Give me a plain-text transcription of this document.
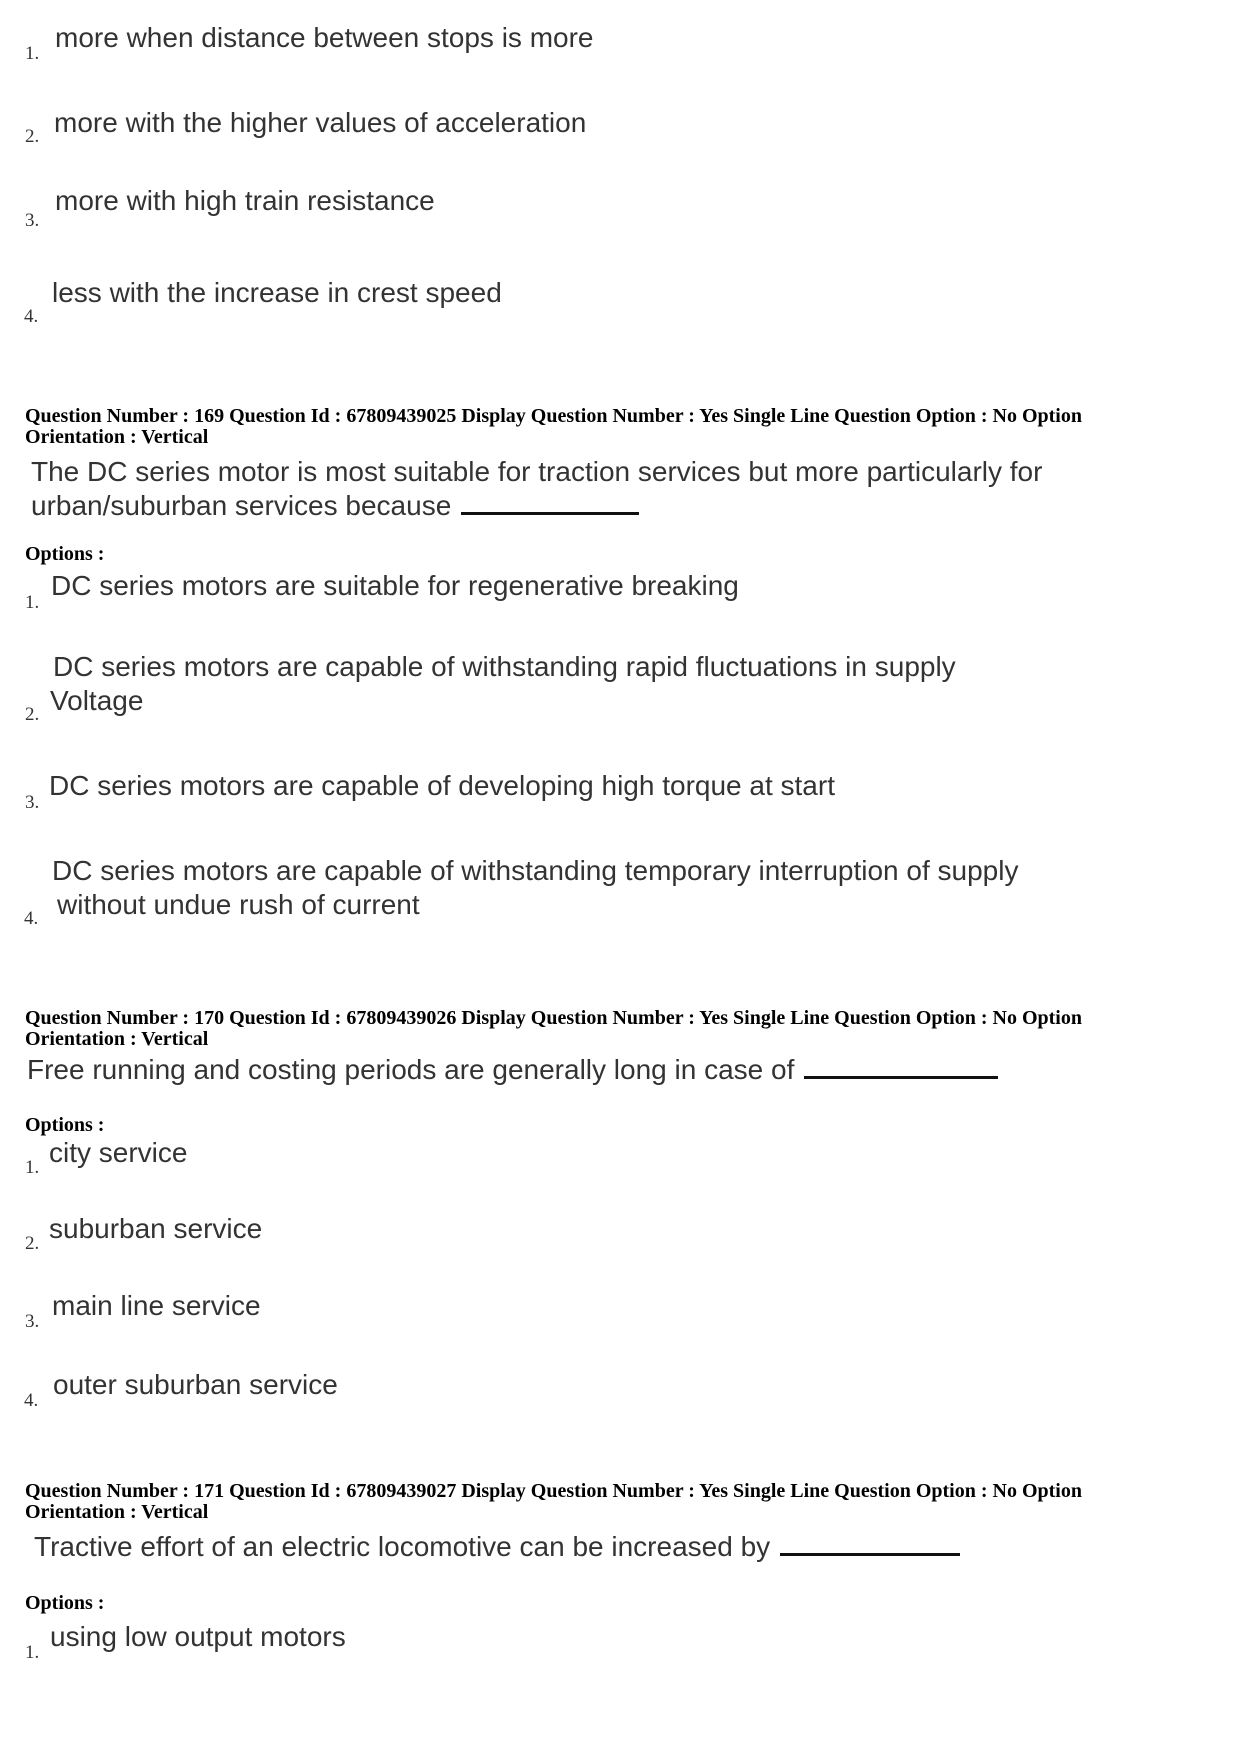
1.
more when distance between stops is more
2. more with the higher values of acceleration
3.
more with high train resistance
4.
less with the increase in crest speed
Question Number : 169 Question Id : 67809439025 Display Question Number : Yes Single Line Question Option : No Option
Orientation : Vertical
The DC series motor is most suitable for traction services but more particularly for
urban/suburban services because
Options :
1.
DC series motors are suitable for regenerative breaking
DC series motors are capable of withstanding rapid fluctuations in supply
2. Voltage
3.
DC series motors are capable of developing high torque at start
DC series motors are capable of withstanding temporary interruption of supply
4. without undue rush of current
Question Number : 170 Question Id : 67809439026 Display Question Number : Yes Single Line Question Option : No Option
Orientation : Vertical
Free running and costing periods are generally long in case of
Options :
1. city service
2. suburban service
3.
main line service
4.
outer suburban service
Question Number : 171 Question Id : 67809439027 Display Question Number : Yes Single Line Question Option : No Option
Orientation : Vertical
Tractive effort of an electric locomotive can be increased by
Options :
1.
using low output motors
